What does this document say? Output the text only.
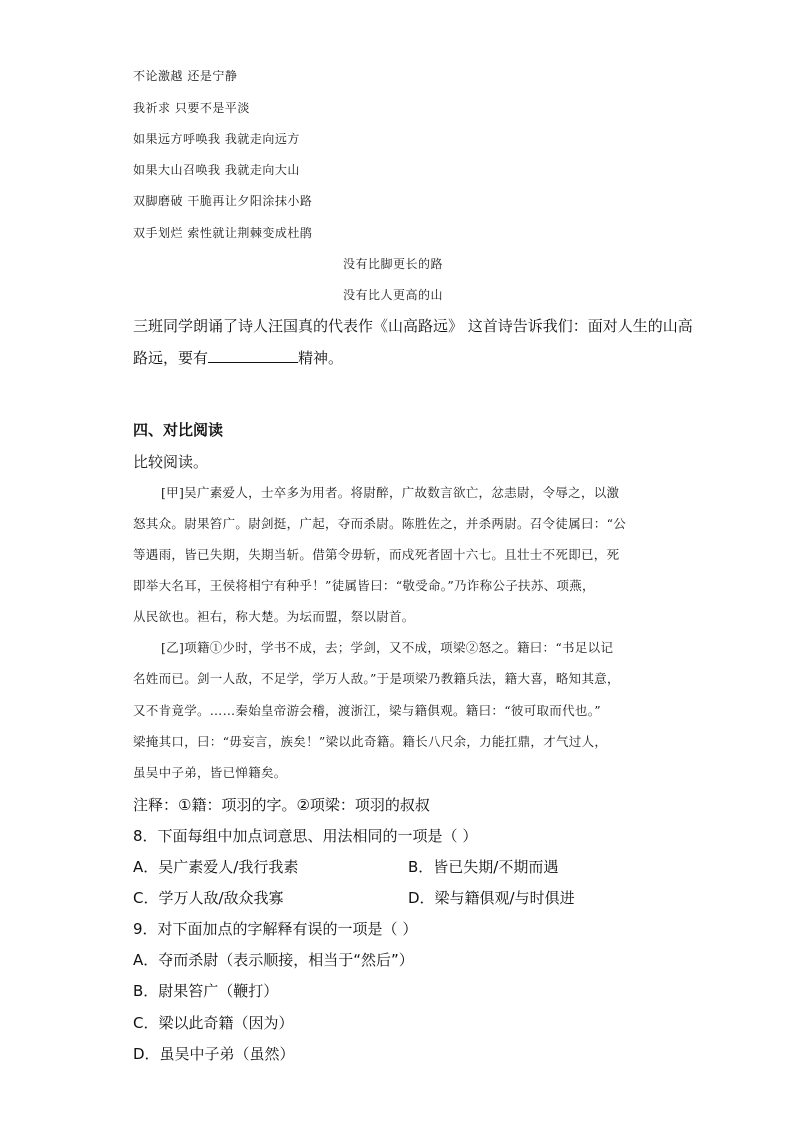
不论激越 还是宁静
我祈求 只要不是平淡
如果远方呼唤我 我就走向远方
如果大山召唤我 我就走向大山
双脚磨破 干脆再让夕阳涂抹小路
双手划烂 索性就让荆棘变成杜鹃
没有比脚更长的路
没有比人更高的山
三班同学朗诵了诗人汪国真的代表作《山高路远》 这首诗告诉我们：面对人生的山高
路远，要有	精神。
四、对比阅读
比较阅读。
[甲]吴广素爱人，士卒多为用者。将尉醉，广故数言欲亡，忿恚尉，令辱之，以激
怒其众。尉果笞广。尉剑挺，广起，夺而杀尉。陈胜佐之，并杀两尉。召令徒属曰：“公
等遇雨，皆已失期，失期当斩。借第令毋斩，而戍死者固十六七。且壮士不死即已，死
即举大名耳，王侯将相宁有种乎！”徒属皆曰：“敬受命。”乃诈称公子扶苏、项燕，
从民欲也。袒右，称大楚。为坛而盟，祭以尉首。
[乙]项籍①少时，学书不成，去；学剑，又不成，项梁②怒之。籍曰：“书足以记
名姓而已。剑一人敌，不足学，学万人敌。”于是项梁乃教籍兵法，籍大喜，略知其意，
又不肯竟学。……秦始皇帝游会稽，渡浙江，梁与籍俱观。籍曰：“彼可取而代也。”
梁掩其口，曰：“毋妄言，族矣！”梁以此奇籍。籍长八尺余，力能扛鼎，才气过人，
虽吴中子弟，皆已惮籍矣。
注释：①籍：项羽的字。②项梁：项羽的叔叔
8．下面每组中加点词意思、用法相同的一项是（ ）
A．吴广素爱人/我行我素	B．皆已失期/不期而遇
C．学万人敌/敌众我寡	D．梁与籍俱观/与时俱进
9．对下面加点的字解释有误的一项是（ ）
A．夺而杀尉（表示顺接，相当于“然后”）
B．尉果笞广（鞭打）
C．梁以此奇籍（因为）
D．虽吴中子弟（虽然）
